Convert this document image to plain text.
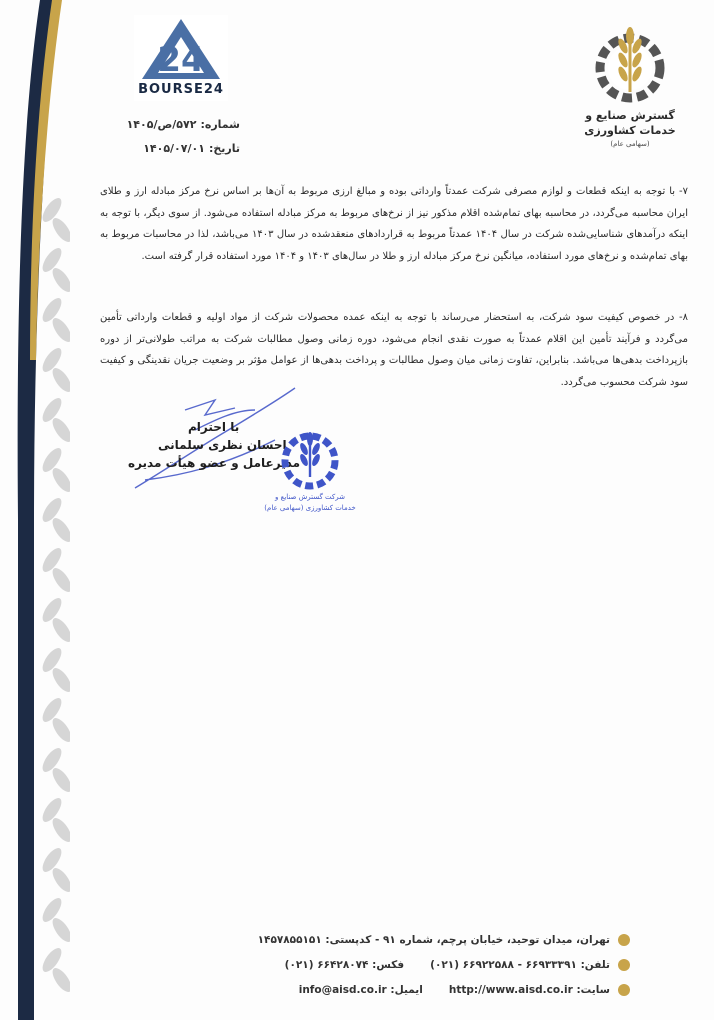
24
BOURSE24
گسترش صنایع و
خدمات کشاورزی
(سهامی عام)
شماره:
۵۷۲/ص/۱۴۰۵
تاریخ:
۱۴۰۵/۰۷/۰۱

۷- با توجه به اینکه قطعات و لوازم مصرفی شرکت عمدتاً وارداتی بوده و مبالغ ارزی مربوط به آن‌ها بر اساس نرخ مرکز مبادله ارز و طلای ایران محاسبه می‌گردد، در محاسبه بهای تمام‌شده اقلام مذکور نیز از نرخ‌های مربوط به مرکز مبادله استفاده می‌شود. از سوی دیگر، با توجه به اینکه درآمدهای شناسایی‌شده شرکت در سال ۱۴۰۴ عمدتاً مربوط به قراردادهای منعقدشده در سال ۱۴۰۳ می‌باشد، لذا در محاسبات مربوط به بهای تمام‌شده و نرخ‌های مورد استفاده، میانگین نرخ مرکز مبادله ارز و طلا در سال‌های ۱۴۰۳ و ۱۴۰۴ مورد استفاده قرار گرفته است.

۸- در خصوص کیفیت سود شرکت، به استحضار می‌رساند با توجه به اینکه عمده محصولات شرکت از مواد اولیه و قطعات وارداتی تأمین می‌گردد و فرآیند تأمین این اقلام عمدتاً به صورت نقدی انجام می‌شود، دوره زمانی وصول مطالبات شرکت به مراتب طولانی‌تر از دوره بازپرداخت بدهی‌ها می‌باشد. بنابراین، تفاوت زمانی میان وصول مطالبات و پرداخت بدهی‌ها از عوامل مؤثر بر وضعیت جریان نقدینگی و کیفیت سود شرکت محسوب می‌گردد.

با احترام
احسان نظری سلمانی
مدیرعامل و عضو هیأت مدیره
شرکت گسترش صنایع و
خدمات کشاورزی (سهامی عام)
تهران، میدان توحید، خیابان پرچم، شماره ۹۱ - کدپستی: ۱۴۵۷۸۵۵۱۵۱
تلفن:

۶۶۹۳۳۳۹۱ - ۶۶۹۲۲۵۸۸ (۰۲۱)
فکس:

۶۶۴۲۸۰۷۴ (۰۲۱)
سایت:

http://www.aisd.co.ir
ایمیل:

info@aisd.co.ir
